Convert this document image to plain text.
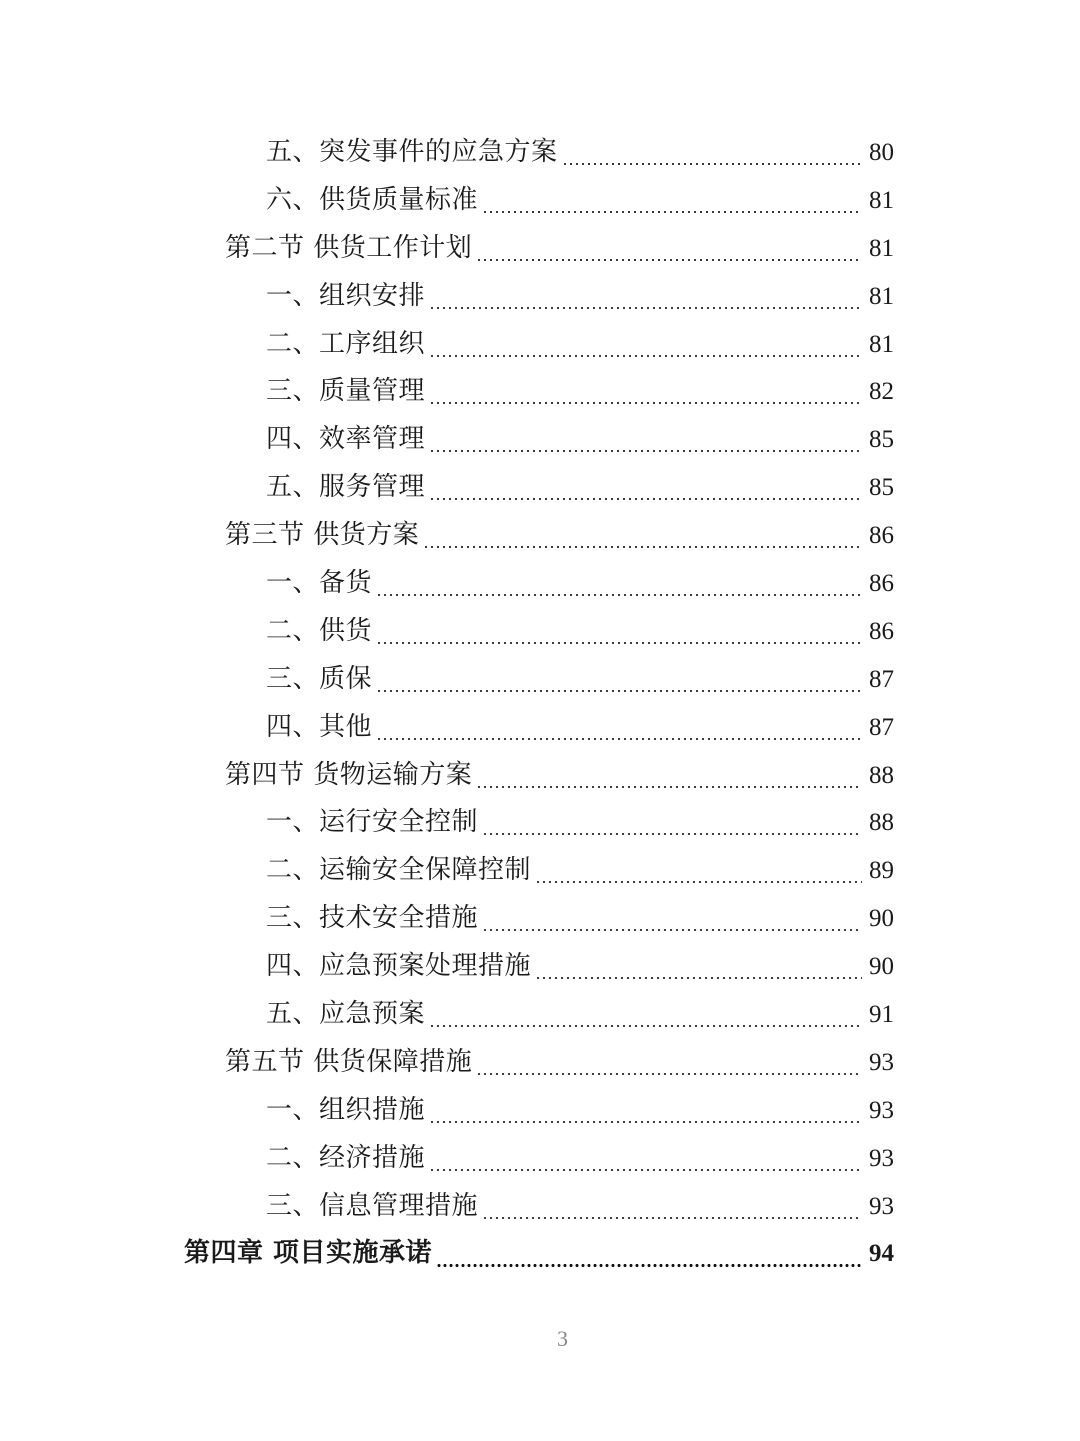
五、突发事件的应急方案	80
六、供货质量标准	81
第二节 供货工作计划	81
一、组织安排	81
二、工序组织	81
三、质量管理	82
四、效率管理	85
五、服务管理	85
第三节 供货方案	86
一、备货	86
二、供货	86
三、质保	87
四、其他	87
第四节 货物运输方案	88
一、运行安全控制	88
二、运输安全保障控制	89
三、技术安全措施	90
四、应急预案处理措施	90
五、应急预案	91
第五节 供货保障措施	93
一、组织措施	93
二、经济措施	93
三、信息管理措施	93
第四章 项目实施承诺	94
3
